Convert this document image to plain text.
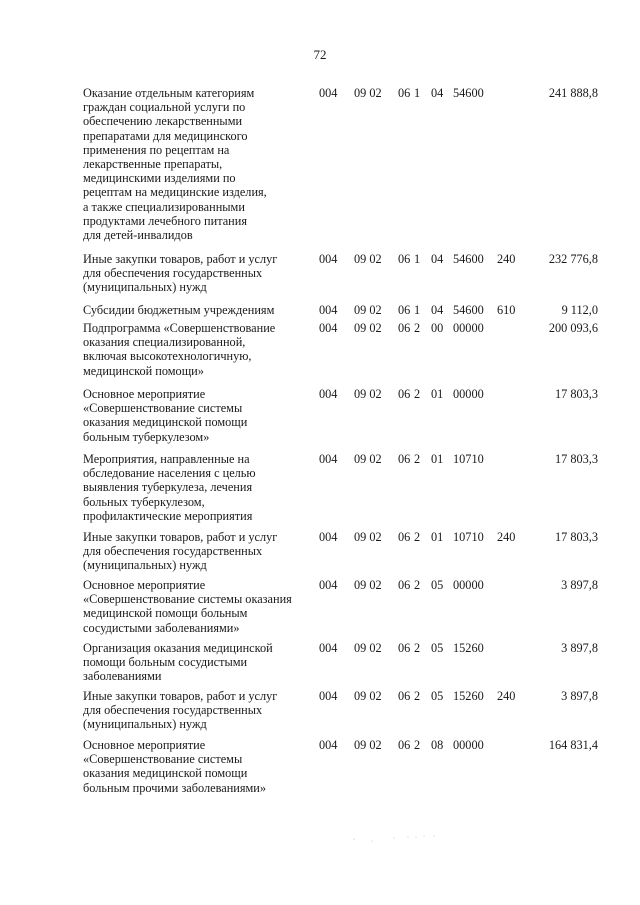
72
Оказание отдельным категориям
граждан социальной услуги по
обеспечению лекарственными
препаратами для медицинского
применения по рецептам на
лекарственные препараты,
медицинскими изделиями по
рецептам на медицинские изделия,
а также специализированными
продуктами лечебного питания
для детей-инвалидов
004 09 02 06 1 04 54600	241 888,8
Иные закупки товаров, работ и услуг
для обеспечения государственных
(муниципальных) нужд
004 09 02 06 1 04 54600 240	232 776,8
Субсидии бюджетным учреждениям	004 09 02 06 1 04 54600 610	9 112,0
Подпрограмма «Совершенствование
оказания специализированной,
включая высокотехнологичную,
медицинской помощи»
004 09 02 06 2 00 00000	200 093,6
Основное мероприятие
«Совершенствование системы
оказания медицинской помощи
больным туберкулезом»
004 09 02 06 2 01 00000	17 803,3
Мероприятия, направленные на
обследование населения с целью
выявления туберкулеза, лечения
больных туберкулезом,
профилактические мероприятия
004 09 02 06 2 01 10710	17 803,3
Иные закупки товаров, работ и услуг
для обеспечения государственных
(муниципальных) нужд
004 09 02 06 2 01 10710 240	17 803,3
Основное мероприятие
«Совершенствование системы оказания
медицинской помощи больным
сосудистыми заболеваниями»
004 09 02 06 2 05 00000	3 897,8
Организация оказания медицинской
помощи больным сосудистыми
заболеваниями
004 09 02 06 2 05 15260	3 897,8
Иные закупки товаров, работ и услуг
для обеспечения государственных
(муниципальных) нужд
004 09 02 06 2 05 15260 240	3 897,8
Основное мероприятие
«Совершенствование системы
оказания медицинской помощи
больным прочими заболеваниями»
004 09 02 06 2 08 00000	164 831,4
